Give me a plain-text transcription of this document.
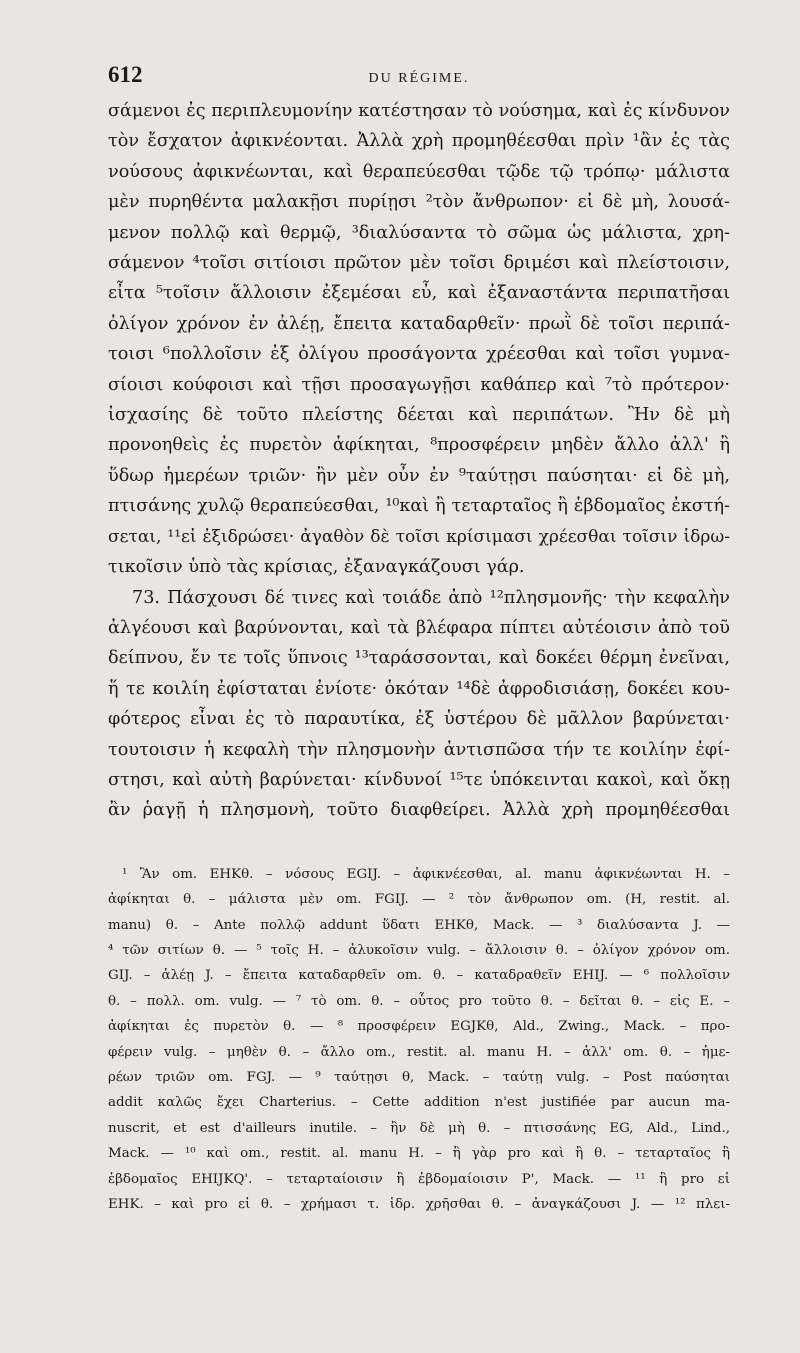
612	DU RÉGIME.
σάμενοι ἐς περιπλευμονίην κατέστησαν τὸ νούσημα, καὶ ἐς κίνδυνον
τὸν ἔσχατον ἀφικνέονται. Ἀλλὰ χρὴ προμηθέεσθαι πρὶν ¹ἂν ἐς τὰς
νούσους ἀφικνέωνται, καὶ θεραπεύεσθαι τῷδε τῷ τρόπῳ· μάλιστα
μὲν πυρηθέντα μαλακῇσι πυρίῃσι ²τὸν ἄνθρωπον· εἰ δὲ μὴ, λουσά-
μενον πολλῷ καὶ θερμῷ, ³διαλύσαντα τὸ σῶμα ὡς μάλιστα, χρη-
σάμενον ⁴τοῖσι σιτίοισι πρῶτον μὲν τοῖσι δριμέσι καὶ πλείστοισιν,
εἶτα ⁵τοῖσιν ἄλλοισιν ἐξεμέσαι εὖ, καὶ ἐξαναστάντα περιπατῆσαι
ὀλίγον χρόνον ἐν ἀλέῃ, ἔπειτα καταδαρθεῖν· πρωῒ δὲ τοῖσι περιπά-
τοισι ⁶πολλοῖσιν ἐξ ὀλίγου προσάγοντα χρέεσθαι καὶ τοῖσι γυμνα-
σίοισι κούφοισι καὶ τῇσι προσαγωγῇσι καθάπερ καὶ ⁷τὸ πρότερον·
ἰσχασίης δὲ τοῦτο πλείστης δέεται καὶ περιπάτων. Ἢν δὲ μὴ
προνοηθεὶς ἐς πυρετὸν ἀφίκηται, ⁸προσφέρειν μηδὲν ἄλλο ἀλλ' ἢ
ὕδωρ ἡμερέων τριῶν· ἢν μὲν οὖν ἐν ⁹ταύτῃσι παύσηται· εἰ δὲ μὴ,
πτισάνης χυλῷ θεραπεύεσθαι, ¹⁰καὶ ἢ τεταρταῖος ἢ ἑβδομαῖος ἐκστή-
σεται, ¹¹εἰ ἐξιδρώσει· ἀγαθὸν δὲ τοῖσι κρίσιμασι χρέεσθαι τοῖσιν ἱδρω-
τικοῖσιν ὑπὸ τὰς κρίσιας, ἐξαναγκάζουσι γάρ.
73. Πάσχουσι δέ τινες καὶ τοιάδε ἀπὸ ¹²πλησμονῆς· τὴν κεφαλὴν
ἀλγέουσι καὶ βαρύνονται, καὶ τὰ βλέφαρα πίπτει αὐτέοισιν ἀπὸ τοῦ
δείπνου, ἔν τε τοῖς ὕπνοις ¹³ταράσσονται, καὶ δοκέει θέρμη ἐνεῖναι,
ἥ τε κοιλίη ἐφίσταται ἐνίοτε· ὁκόταν ¹⁴δὲ ἀφροδισιάσῃ, δοκέει κου-
φότερος εἶναι ἐς τὸ παραυτίκα, ἐξ ὑστέρου δὲ μᾶλλον βαρύνεται·
τουτοισιν ἡ κεφαλὴ τὴν πλησμονὴν ἀντισπῶσα τήν τε κοιλίην ἐφί-
στησι, καὶ αὐτὴ βαρύνεται· κίνδυνοί ¹⁵τε ὑπόκεινται κακοὶ, καὶ ὄκῃ
ἂν ῥαγῇ ἡ πλησμονὴ, τοῦτο διαφθείρει. Ἀλλὰ χρὴ προμηθέεσθαι
¹ Ἂν om. EHKθ. – νόσους EGIJ. – ἀφικνέεσθαι, al. manu ἀφικνέωνται H. –
ἀφίκηται θ. – μάλιστα μὲν om. FGIJ. — ² τὸν ἄνθρωπον om. (H, restit. al.
manu) θ. – Ante πολλῷ addunt ὕδατι EHKθ, Mack. — ³ διαλύσαντα J. —
⁴ τῶν σιτίων θ. — ⁵ τοῖς H. – ἀλυκοῖσιν vulg. – ἄλλοισιν θ. – ὀλίγον χρόνον om.
GIJ. – ἀλέῃ J. – ἔπειτα καταδαρθεῖν om. θ. – καταδραθεῖν EHIJ. — ⁶ πολλοῖσιν
θ. – πολλ. om. vulg. — ⁷ τὸ om. θ. – οὗτος pro τοῦτο θ. – δεῖται θ. – εἰς E. –
ἀφίκηται ἐς πυρετὸν θ. — ⁸ προσφέρειν EGJKθ, Ald., Zwing., Mack. – προ-
φέρειν vulg. – μηθὲν θ. – ἄλλο om., restit. al. manu H. – ἀλλ' om. θ. – ἡμε-
ρέων τριῶν om. FGJ. — ⁹ ταύτῃσι θ, Mack. – ταύτῃ vulg. – Post παύσηται
addit καλῶς ἔχει Charterius. – Cette addition n'est justifiée par aucun ma-
nuscrit, et est d'ailleurs inutile. – ἢν δὲ μὴ θ. – πτισσάνης EG, Ald., Lind.,
Mack. — ¹⁰ καὶ om., restit. al. manu H. – ἢ γὰρ pro καὶ ἢ θ. – τεταρταῖος ἢ
ἑβδομαῖος EHIJKQ'. – τεταρταίοισιν ἢ ἑβδομαίοισιν P', Mack. — ¹¹ ἢ pro εἰ
EHK. – καὶ pro εἰ θ. – χρήμασι τ. ἱδρ. χρῆσθαι θ. – ἀναγκάζουσι J. — ¹² πλει-
